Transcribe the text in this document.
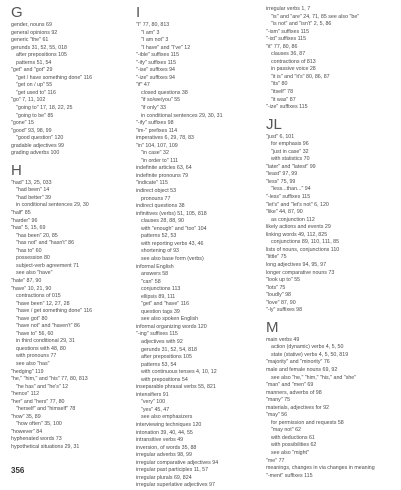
G
gender, nouns 69
general opinions 92
generic "the" 61
gerunds 31, 52, 55, 018
after prepositions 105
patterns 51, 54
"get" and "got" 29
"get / have something done" 116
"get on / up" 55
"get used to" 116
"go" 7, 11, 102
"going to" 17, 18, 22, 25
"going to be" 85
"gone" 15
"good" 93, 98, 99
"good question" 120
gradable adjectives 99
grading adverbs 100
H
"had" 13, 25, 033
"had been" 14
"had better" 39
in conditional sentences 29, 30
"half" 85
"harder" 96
"has" 5, 15, 69
"has been" 20, 85
"has not" and "hasn't" 86
"has to" 60
possession 80
subject-verb agreement 71
see also "have"
"hate" 87, 90
"have" 10, 21, 90
contractions of 015
"have been" 12, 27, 28
"have / get something done" 116
"have got" 80
"have not" and "haven't" 86
"have to" 56, 60
in third conditional 29, 31
questions with 48, 80
with pronouns 77
see also "has"
"hedging" 119
"he," "him," and "his" 77, 80, 813
"he has" and "he's" 12
"hence" 112
"her" and "hers" 77, 80
"herself" and "himself" 78
"how" 35, 89
"how often" 35, 100
"however" 84
hyphenated words 73
hypothetical situations 29, 31
I
"I" 77, 80, 813
"I am" 3
"I am not" 3
"I have" and "I've" 12
"-ible" suffixes 115
"-ify" suffixes 115
"-ise" suffixes 94
"-ize" suffixes 94
"if" 47
closed questions 38
"if so/we/you" 55
"if only" 33
in conditional sentences 29, 30, 31
"-ify" suffixes 98
"im-" prefixes 114
imperatives 6, 29, 78, 83
"in" 104, 107, 109
"in case" 32
"in order to" 111
indefinite articles 63, 64
indefinite pronouns 79
"indicate" 115
indirect object 53
pronouns 77
indirect questions 38
infinitives (verbs) 51, 105, 818
clauses 28, 88, 90
with "enough" and "too" 104
patterns 52, 53
with reporting verbs 43, 46
shortening of 93
see also base form (verbs)
informal English
answers 58
"can" 58
conjunctions 113
ellipsis 89, 111
"get" and "have" 116
question tags 39
see also spoken English
informal organizing words 120
"-ing" suffixes 115
adjectives with 92
gerunds 31, 52, 54, 818
after prepositions 105
patterns 53, 54
with continuous tenses 4, 10, 12
with prepositions 54
inseparable phrasal verbs 55, 821
intensifiers 91
"very" 100
"yes" 45, 47
see also emphasizers
interviewing techniques 120
intonation 39, 40, 44, 55
intransitive verbs 49
inversion, of words 35, 88
irregular adverbs 98, 99
irregular comparative adjectives 94
irregular past participles 11, 57
irregular plurals 69, 824
irregular superlative adjectives 97
irregular verbs 1, 7
"is" and "are" 24, 71, 85 see also "be"
"is not" and "isn't" 2, 5, 86
"-ism" suffixes 115
"-ist" suffixes 115
"it" 77, 80, 86
clauses 36, 87
contractions of 813
in passive voice 28
"it is" and "it's" 80, 86, 87
"its" 80
"itself" 78
"it was" 87
"-ize" suffixes 115
JL
"just" 6, 101
for emphasis 96
"just in case" 32
with statistics 70
"later" and "latest" 99
"least" 97, 99
"less" 75, 99
"less...than..." 94
"-less" suffixes 115
"let's" and "let's not" 6, 120
"like" 44, 87, 90
as conjunction 112
likely actions and events 29
linking words 49, 112, 825
conjunctions 89, 110, 111, 85
lists of nouns, conjunctions 110
"little" 75
long adjectives 94, 95, 97
longer comparative nouns 73
"look up to" 55
"lots" 75
"loudly" 98
"love" 87, 90
"-ly" suffixes 98
M
main verbs 49
action (dynamic) verbs 4, 5, 50
state (stative) verbs 4, 5, 50, 819
"majority" and "minority" 76
male and female nouns 69, 92
see also "he," "him," "his," and "she"
"man" and "men" 69
manners, adverbs of 98
"many" 75
materials, adjectives for 92
"may" 56
for permission and requests 58
"may not" 62
with deductions 61
with possibilities 62
see also "might"
"me" 77
meanings, changes in via changes in meaning
"-ment" suffixes 115
356
